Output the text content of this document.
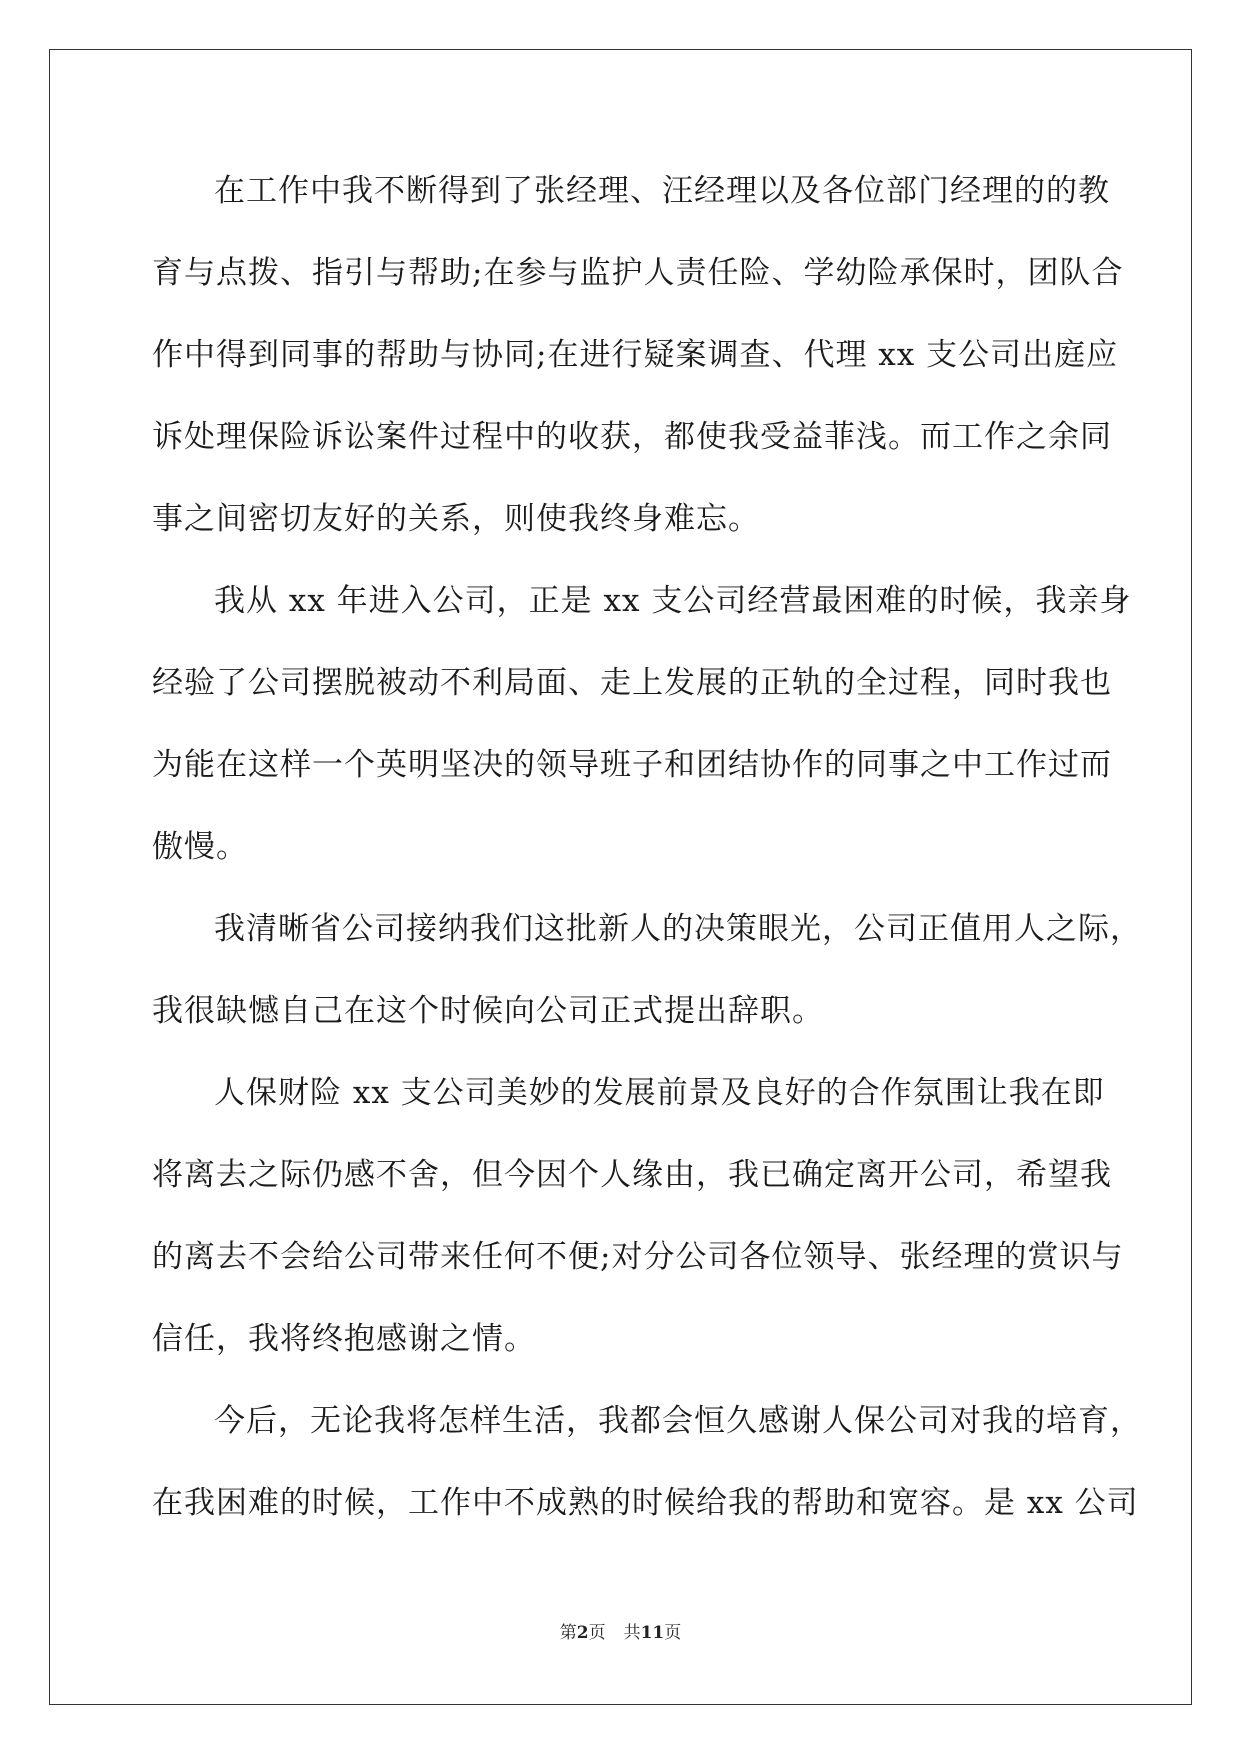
在工作中我不断得到了张经理、汪经理以及各位部门经理的的教
育与点拨、指引与帮助;在参与监护人责任险、学幼险承保时，团队合
作中得到同事的帮助与协同;在进行疑案调查、代理 xx 支公司出庭应
诉处理保险诉讼案件过程中的收获，都使我受益菲浅。而工作之余同
事之间密切友好的关系，则使我终身难忘。
我从 xx 年进入公司，正是 xx 支公司经营最困难的时候，我亲身
经验了公司摆脱被动不利局面、走上发展的正轨的全过程，同时我也
为能在这样一个英明坚决的领导班子和团结协作的同事之中工作过而
傲慢。
我清晰省公司接纳我们这批新人的决策眼光，公司正值用人之际，
我很缺憾自己在这个时候向公司正式提出辞职。
人保财险 xx 支公司美妙的发展前景及良好的合作氛围让我在即
将离去之际仍感不舍，但今因个人缘由，我已确定离开公司，希望我
的离去不会给公司带来任何不便;对分公司各位领导、张经理的赏识与
信任，我将终抱感谢之情。
今后，无论我将怎样生活，我都会恒久感谢人保公司对我的培育，
在我困难的时候，工作中不成熟的时候给我的帮助和宽容。是 xx 公司
第2页 共11页
